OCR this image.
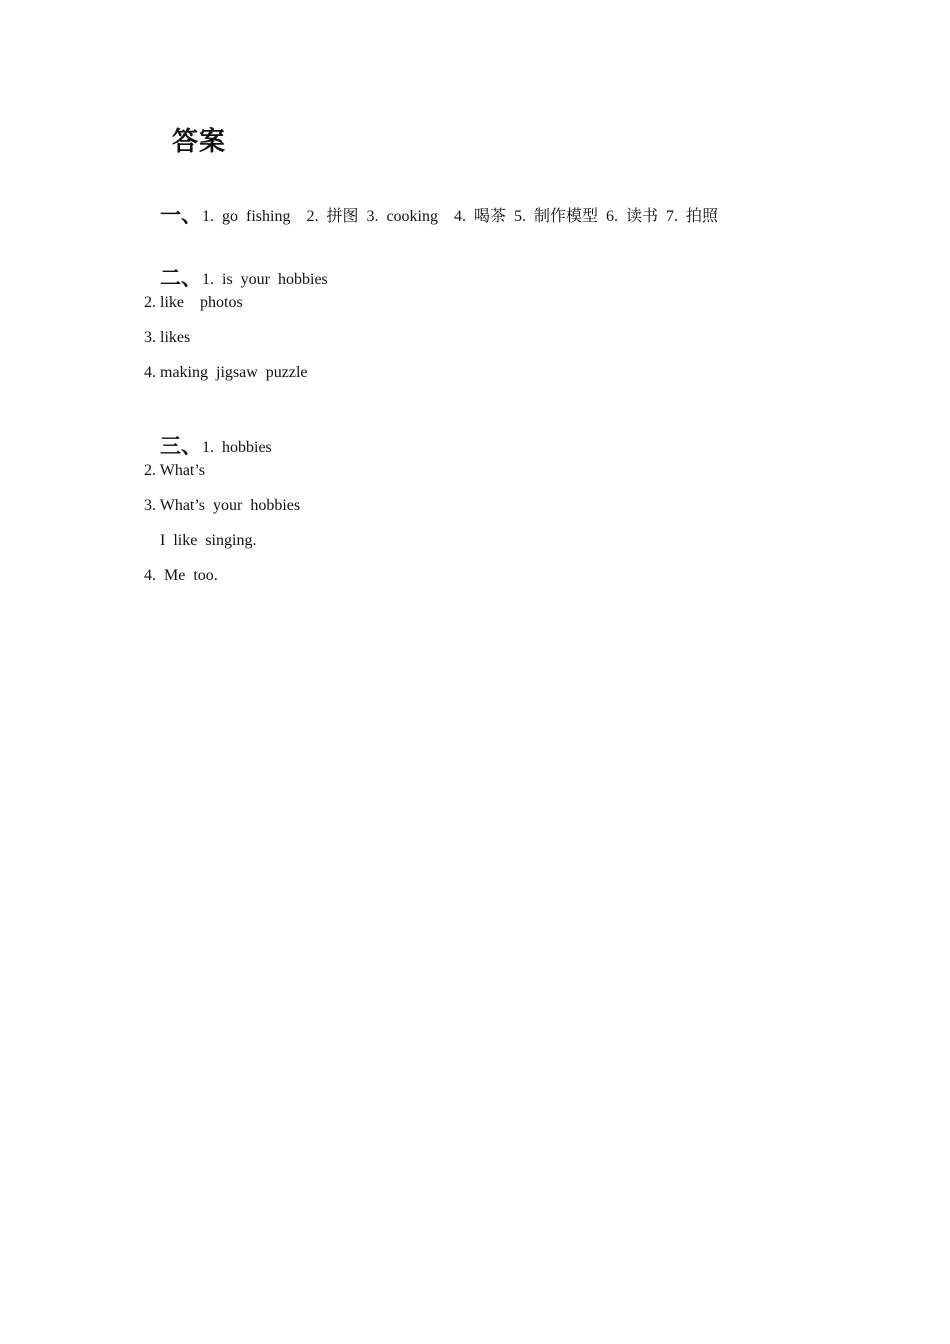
答案

一、1.  go  fishing    2.  拼图  3.  cooking    4.  喝茶  5.  制作模型  6.  读书  7.  拍照

二、1.  is  your  hobbies

2. like    photos
3. likes
4. making  jigsaw  puzzle

三、1.  hobbies

2. What’s
3. What’s  your  hobbies
I  like  singing.
4.  Me  too.
